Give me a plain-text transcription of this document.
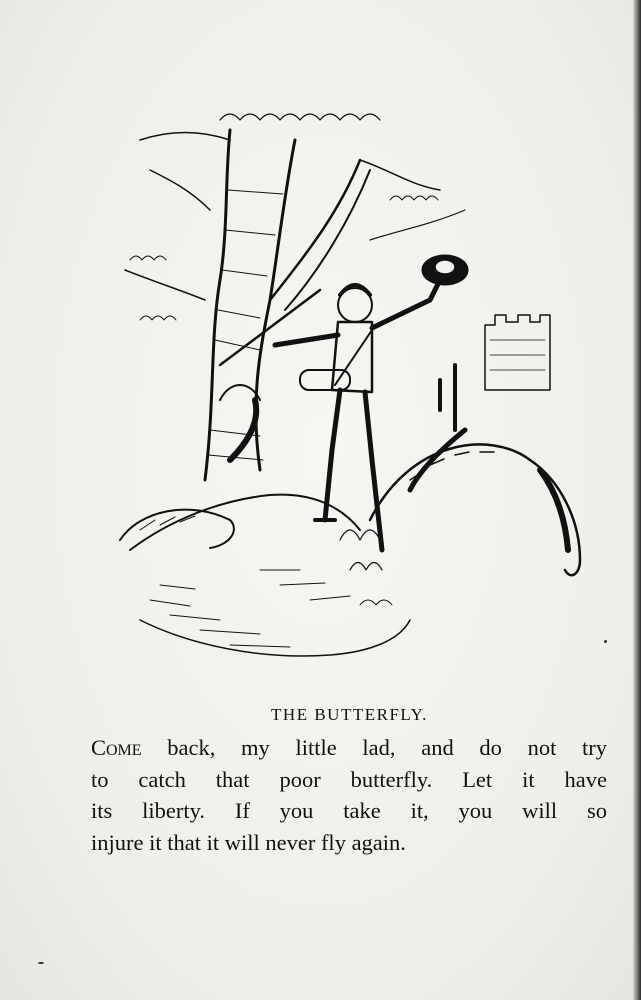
THE BUTTERFLY.
Come back, my little lad, and do not try
to catch that poor butterfly. Let it have
its liberty. If you take it, you will so
injure it that it will never fly again.
